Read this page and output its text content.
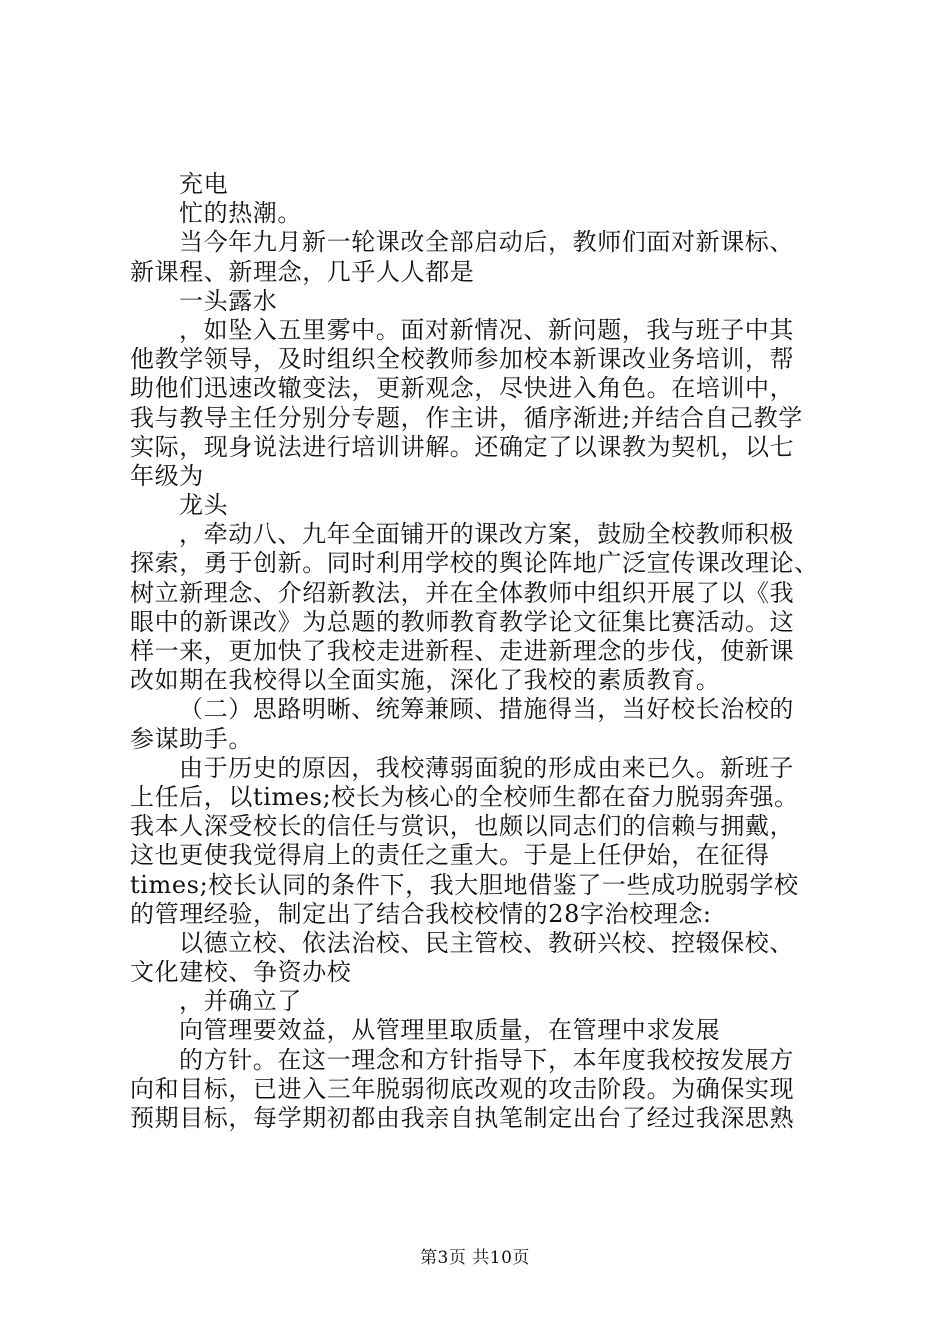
充电
忙的热潮。
当今年九月新一轮课改全部启动后，教师们面对新课标、
新课程、新理念，几乎人人都是
一头露水
，如坠入五里雾中。面对新情况、新问题，我与班子中其
他教学领导，及时组织全校教师参加校本新课改业务培训，帮
助他们迅速改辙变法，更新观念，尽快进入角色。在培训中，
我与教导主任分别分专题，作主讲，循序渐进;并结合自己教学
实际，现身说法进行培训讲解。还确定了以课教为契机，以七
年级为
龙头
，牵动八、九年全面铺开的课改方案，鼓励全校教师积极
探索，勇于创新。同时利用学校的舆论阵地广泛宣传课改理论、
树立新理念、介绍新教法，并在全体教师中组织开展了以《我
眼中的新课改》为总题的教师教育教学论文征集比赛活动。这
样一来，更加快了我校走进新程、走进新理念的步伐，使新课
改如期在我校得以全面实施，深化了我校的素质教育。
（二）思路明晰、统筹兼顾、措施得当，当好校长治校的
参谋助手。
由于历史的原因，我校薄弱面貌的形成由来已久。新班子
上任后，以times;校长为核心的全校师生都在奋力脱弱奔强。
我本人深受校长的信任与赏识，也颇以同志们的信赖与拥戴，
这也更使我觉得肩上的责任之重大。于是上任伊始，在征得
times;校长认同的条件下，我大胆地借鉴了一些成功脱弱学校
的管理经验，制定出了结合我校校情的28字治校理念:
以德立校、依法治校、民主管校、教研兴校、控辍保校、
文化建校、争资办校
，并确立了
向管理要效益，从管理里取质量，在管理中求发展
的方针。在这一理念和方针指导下，本年度我校按发展方
向和目标，已进入三年脱弱彻底改观的攻击阶段。为确保实现
预期目标，每学期初都由我亲自执笔制定出台了经过我深思熟
第3页 共10页
